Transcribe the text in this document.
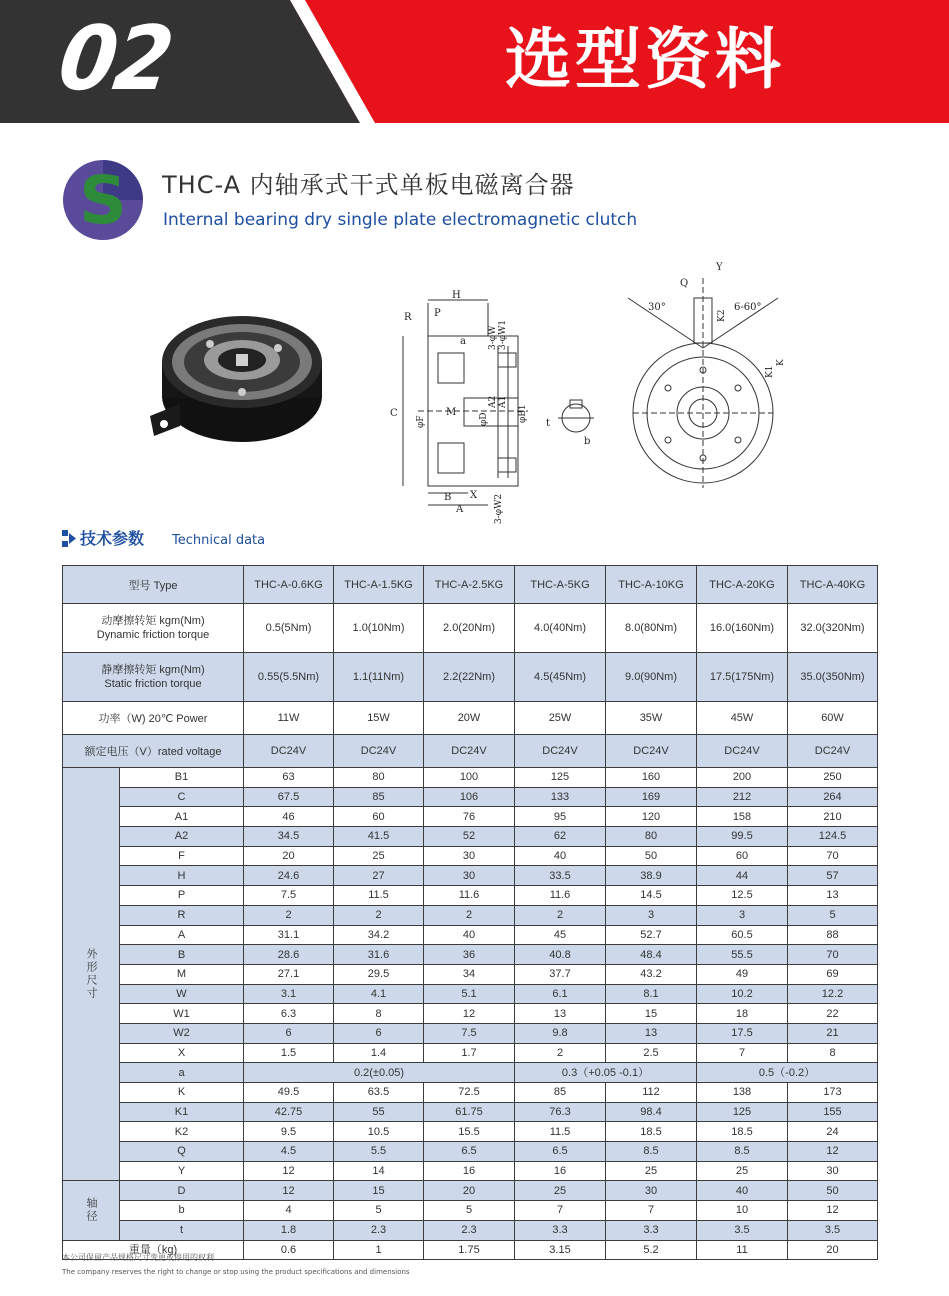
02	选型资料
S THC-A 内轴承式干式单板电磁离合器
Internal bearing dry single plate electromagnetic clutch
H
R P
a
C	M
B
A
X
t
b
A2 A1
φB1
φD
φF
3-φW 3-φW1
3-φW2
Q
Y
30°	6-60°
K2
K1
K
技术参数	Technical data
型号 Type		THC-A-0.6KG	THC-A-1.5KG	THC-A-2.5KG	THC-A-5KG	THC-A-10KG	THC-A-20KG	THC-A-40KG

动摩擦转矩 kgm(Nm)
Dynamic friction torque		0.5(5Nm)	1.0(10Nm)	2.0(20Nm)	4.0(40Nm)	8.0(80Nm)	16.0(160Nm)	32.0(320Nm)

静摩擦转矩 kgm(Nm)
Static friction torque		0.55(5.5Nm)	1.1(11Nm)	2.2(22Nm)	4.5(45Nm)	9.0(90Nm)	17.5(175Nm)	35.0(350Nm)
功率（W) 20℃ Power		11W	15W	20W	25W	35W	45W	60W
额定电压（V）rated voltage		DC24V	DC24V	DC24V	DC24V	DC24V	DC24V	DC24V
外形尺寸	B1	63	80	100	125	160	200	250
	C	67.5	85	106	133	169	212	264
	A1	46	60	76	95	120	158	210
	A2	34.5	41.5	52	62	80	99.5	124.5
	F	20	25	30	40	50	60	70
	H	24.6	27	30	33.5	38.9	44	57
	P	7.5	11.5	11.6	11.6	14.5	12.5	13
	R	2	2	2	2	3	3	5
	A	31.1	34.2	40	45	52.7	60.5	88
	B	28.6	31.6	36	40.8	48.4	55.5	70
	M	27.1	29.5	34	37.7	43.2	49	69
	W	3.1	4.1	5.1	6.1	8.1	10.2	12.2
	W1	6.3	8	12	13	15	18	22
	W2	6	6	7.5	9.8	13	17.5	21
	X	1.5	1.4	1.7	2	2.5	7	8
	a	0.2(±0.05)			0.3（+0.05 -0.1）		0.5（-0.2）	
	K	49.5	63.5	72.5	85	112	138	173
	K1	42.75	55	61.75	76.3	98.4	125	155
	K2	9.5	10.5	15.5	11.5	18.5	18.5	24
	Q	4.5	5.5	6.5	6.5	8.5	8.5	12
	Y	12	14	16	16	25	25	30
轴径	D	12	15	20	25	30	40	50
	b	4	5	5	7	7	10	12
	t	1.8	2.3	2.3	3.3	3.3	3.5	3.5
重量（kg)		0.6	1	1.75	3.15	5.2	11	20
本公司保留产品规格尺寸变更或停用的权利
The company reserves the right to change or stop using the product specifications and dimensions
